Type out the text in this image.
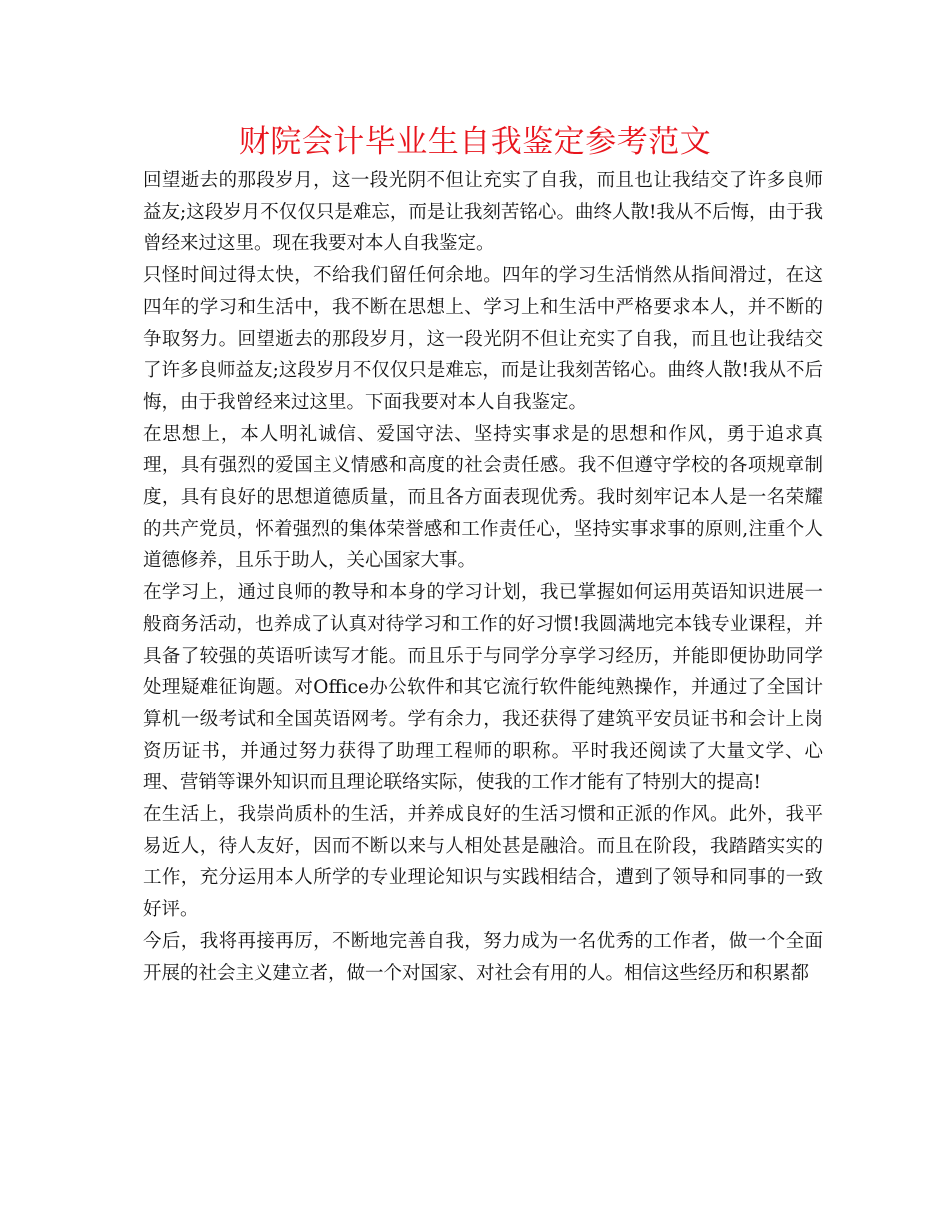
财院会计毕业生自我鉴定参考范文

回望逝去的那段岁月，这一段光阴不但让充实了自我，而且也让我结交了许多良师益友;这段岁月不仅仅只是难忘，而是让我刻苦铭心。曲终人散!我从不后悔，由于我曾经来过这里。现在我要对本人自我鉴定。

只怪时间过得太快，不给我们留任何余地。四年的学习生活悄然从指间滑过，在这四年的学习和生活中，我不断在思想上、学习上和生活中严格要求本人，并不断的争取努力。回望逝去的那段岁月，这一段光阴不但让充实了自我，而且也让我结交了许多良师益友;这段岁月不仅仅只是难忘，而是让我刻苦铭心。曲终人散!我从不后悔，由于我曾经来过这里。下面我要对本人自我鉴定。

在思想上，本人明礼诚信、爱国守法、坚持实事求是的思想和作风，勇于追求真理，具有强烈的爱国主义情感和高度的社会责任感。我不但遵守学校的各项规章制度，具有良好的思想道德质量，而且各方面表现优秀。我时刻牢记本人是一名荣耀的共产党员，怀着强烈的集体荣誉感和工作责任心，坚持实事求事的原则,注重个人道德修养，且乐于助人，关心国家大事。

在学习上，通过良师的教导和本身的学习计划，我已掌握如何运用英语知识进展一般商务活动，也养成了认真对待学习和工作的好习惯!我圆满地完本钱专业课程，并具备了较强的英语听读写才能。而且乐于与同学分享学习经历，并能即便协助同学处理疑难征询题。对Office办公软件和其它流行软件能纯熟操作，并通过了全国计算机一级考试和全国英语网考。学有余力，我还获得了建筑平安员证书和会计上岗资历证书，并通过努力获得了助理工程师的职称。平时我还阅读了大量文学、心理、营销等课外知识而且理论联络实际，使我的工作才能有了特别大的提高!

在生活上，我崇尚质朴的生活，并养成良好的生活习惯和正派的作风。此外，我平易近人，待人友好，因而不断以来与人相处甚是融洽。而且在阶段，我踏踏实实的工作，充分运用本人所学的专业理论知识与实践相结合，遭到了领导和同事的一致好评。

今后，我将再接再厉，不断地完善自我，努力成为一名优秀的工作者，做一个全面开展的社会主义建立者，做一个对国家、对社会有用的人。相信这些经历和积累都
